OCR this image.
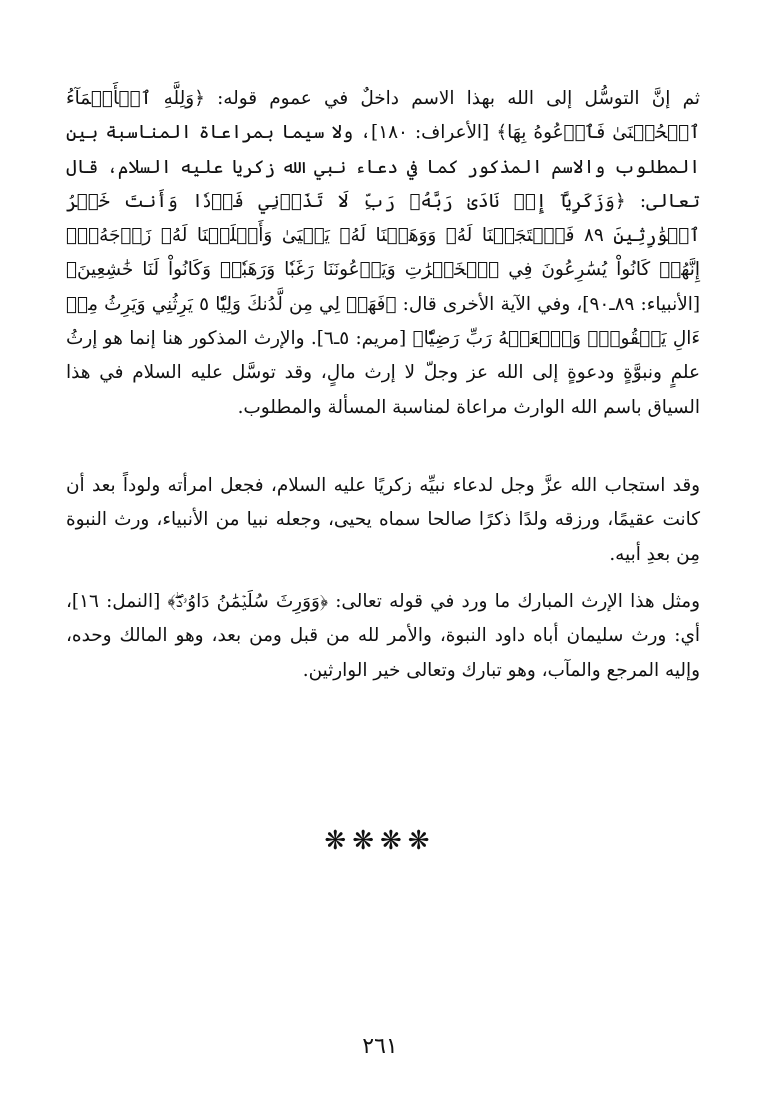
ثم إنَّ التوسُّل إلى الله بهذا الاسم داخلٌ في عموم قوله: ﴿وَلِلَّهِ ٱلۡأَسۡمَآءُ ٱلۡحُسۡنَىٰ فَٱدۡعُوهُ بِهَا﴾ [الأعراف: ١٨٠]، ولا سيما بمراعاة المناسبة بين المطلوب والاسم المذكور كما في دعاء نبي الله زكريا عليه السلام، قال تعالى: ﴿وَزَكَرِيَّآ إِذۡ نَادَىٰ رَبَّهُۥ رَبِّ لَا تَذَرۡنِي فَرۡدٗا وَأَنتَ خَيۡرُ ٱلۡوَٰرِثِينَ ٨٩ فَٱسۡتَجَبۡنَا لَهُۥ وَوَهَبۡنَا لَهُۥ يَحۡيَىٰ وَأَصۡلَحۡنَا لَهُۥ زَوۡجَهُۥٓۚ إِنَّهُمۡ كَانُواْ يُسَٰرِعُونَ فِي ٱلۡخَيۡرَٰتِ وَيَدۡعُونَنَا رَغَبٗا وَرَهَبٗاۖ وَكَانُواْ لَنَا خَٰشِعِينَ﴾ [الأنبياء: ٨٩ـ٩٠]، وفي الآية الأخرى قال: ﴿فَهَبۡ لِي مِن لَّدُنكَ وَلِيّٗا ٥ يَرِثُنِي وَيَرِثُ مِنۡ ءَالِ يَعۡقُوبَۖ وَٱجۡعَلۡهُ رَبِّ رَضِيّٗا﴾ [مريم: ٥ـ٦]. والإرث المذكور هنا إنما هو إرثُ علمٍ ونبوَّةٍ ودعوةٍ إلى الله عز وجلّ لا إرث مالٍ، وقد توسَّل عليه السلام في هذا السياق باسم الله الوارث مراعاة لمناسبة المسألة والمطلوب.

وقد استجاب الله عزَّ وجل لدعاء نبيِّه زكريًا عليه السلام، فجعل امرأته ولوداً بعد أن كانت عقيمًا، ورزقه ولدًا ذكرًا صالحا سماه يحيى، وجعله نبيا من الأنبياء، ورث النبوة مِن بعدِ أبيه.

ومثل هذا الإرث المبارك ما ورد في قوله تعالى: ﴿وَوَرِثَ سُلَيۡمَٰنُ دَاوُۥدَۖ﴾ [النمل: ١٦]، أي: ورث سليمان أباه داود النبوة، والأمر لله من قبل ومن بعد، وهو المالك وحده، وإليه المرجع والمآب، وهو تبارك وتعالى خير الوارثين.

❋❋❋❋
٢٦١
